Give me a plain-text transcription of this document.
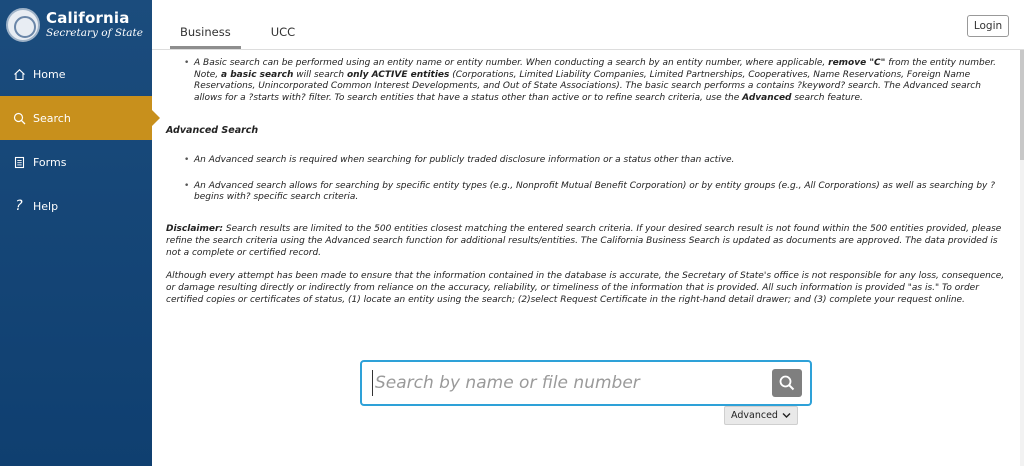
California
Secretary of State
Home
Search
Forms
? Help
Business	UCC	Login

• A Basic search can be performed using an entity name or entity number. When conducting a search by an entity number, where applicable, remove "C" from the entity number. Note, a basic search will search only ACTIVE entities (Corporations, Limited Liability Companies, Limited Partnerships, Cooperatives, Name Reservations, Foreign Name Reservations, Unincorporated Common Interest Developments, and Out of State Associations). The basic search performs a contains ?keyword? search. The Advanced search allows for a ?starts with? filter. To search entities that have a status other than active or to refine search criteria, use the Advanced search feature.

Advanced Search

• An Advanced search is required when searching for publicly traded disclosure information or a status other than active.

• An Advanced search allows for searching by specific entity types (e.g., Nonprofit Mutual Benefit Corporation) or by entity groups (e.g., All Corporations) as well as searching by ?begins with? specific search criteria.

Disclaimer: Search results are limited to the 500 entities closest matching the entered search criteria. If your desired search result is not found within the 500 entities provided, please refine the search criteria using the Advanced search function for additional results/entities. The California Business Search is updated as documents are approved. The data provided is not a complete or certified record.

Although every attempt has been made to ensure that the information contained in the database is accurate, the Secretary of State's office is not responsible for any loss, consequence, or damage resulting directly or indirectly from reliance on the accuracy, reliability, or timeliness of the information that is provided. All such information is provided "as is." To order certified copies or certificates of status, (1) locate an entity using the search; (2)select Request Certificate in the right-hand detail drawer; and (3) complete your request online.

Search by name or file number
Advanced
